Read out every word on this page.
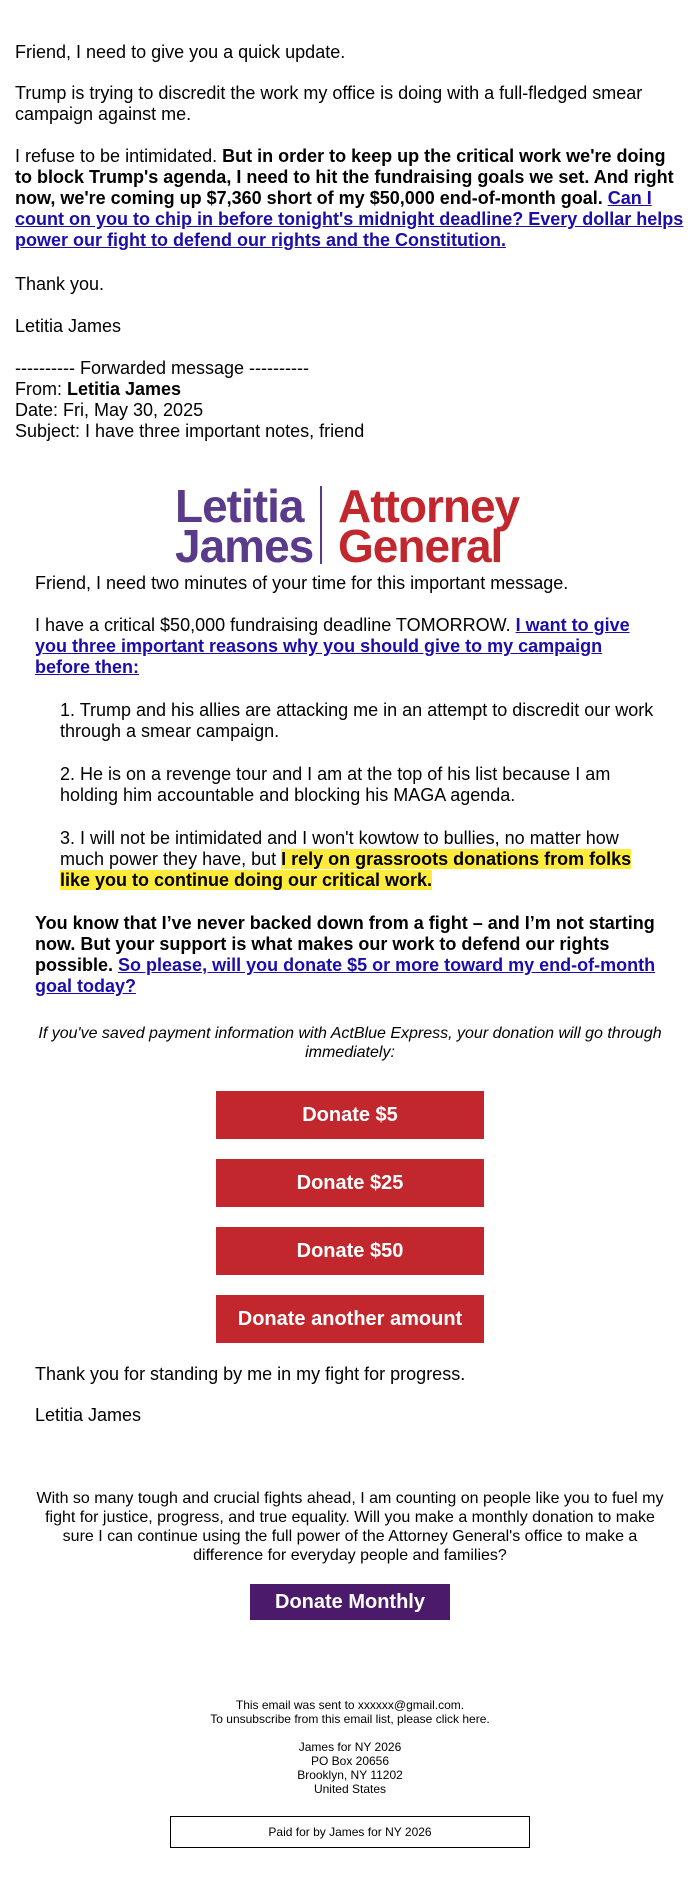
Friend, I need to give you a quick update.

Trump is trying to discredit the work my office is doing with a full-fledged smear campaign against me.

I refuse to be intimidated. But in order to keep up the critical work we're doing to block Trump's agenda, I need to hit the fundraising goals we set. And right now, we're coming up $7,360 short of my $50,000 end-of-month goal. Can I count on you to chip in before tonight's midnight deadline? Every dollar helps power our fight to defend our rights and the Constitution.

Thank you.

Letitia James

---------- Forwarded message ----------

From: Letitia James

Date: Fri, May 30, 2025

Subject: I have three important notes, friend

Letitia
James
Attorney
General

Friend, I need two minutes of your time for this important message.

I have a critical $50,000 fundraising deadline TOMORROW. I want to give you three important reasons why you should give to my campaign before then:

1. Trump and his allies are attacking me in an attempt to discredit our work through a smear campaign.

2. He is on a revenge tour and I am at the top of his list because I am holding him accountable and blocking his MAGA agenda.

3. I will not be intimidated and I won't kowtow to bullies, no matter how much power they have, but I rely on grassroots donations from folks like you to continue doing our critical work.

You know that I’ve never backed down from a fight – and I’m not starting now. But your support is what makes our work to defend our rights possible. So please, will you donate $5 or more toward my end-of-month goal today?

If you've saved payment information with ActBlue Express, your donation will go through immediately:

Donate $5
Donate $25
Donate $50
Donate another amount

Thank you for standing by me in my fight for progress.

Letitia James

With so many tough and crucial fights ahead, I am counting on people like you to fuel my fight for justice, progress, and true equality. Will you make a monthly donation to make sure I can continue using the full power of the Attorney General's office to make a difference for everyday people and families?

Donate Monthly

This email was sent to xxxxxx@gmail.com.

To unsubscribe from this email list, please click here.

James for NY 2026

PO Box 20656

Brooklyn, NY 11202

United States

Paid for by James for NY 2026
